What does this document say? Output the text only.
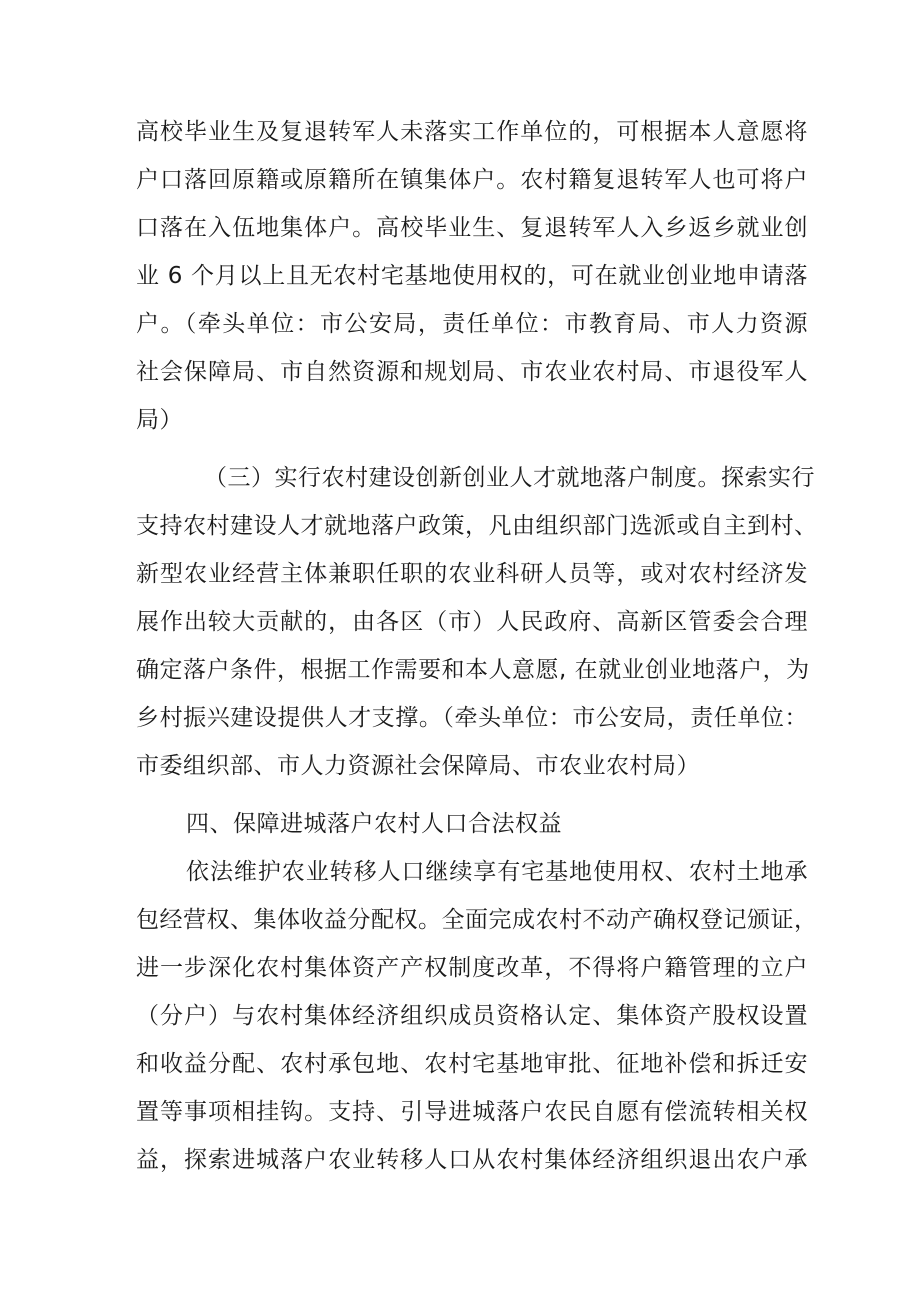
高校毕业生及复退转军人未落实工作单位的，可根据本人意愿将
户口落回原籍或原籍所在镇集体户。农村籍复退转军人也可将户
口落在入伍地集体户。高校毕业生、复退转军人入乡返乡就业创
业 6 个月以上且无农村宅基地使用权的，可在就业创业地申请落
户。（牵头单位：市公安局，责任单位：市教育局、市人力资源
社会保障局、市自然资源和规划局、市农业农村局、市退役军人
局）
（三）实行农村建设创新创业人才就地落户制度。探索实行
支持农村建设人才就地落户政策，凡由组织部门选派或自主到村、
新型农业经营主体兼职任职的农业科研人员等，或对农村经济发
展作出较大贡献的，由各区（市）人民政府、高新区管委会合理
确定落户条件，根据工作需要和本人意愿, 在就业创业地落户，为
乡村振兴建设提供人才支撑。（牵头单位：市公安局，责任单位：
市委组织部、市人力资源社会保障局、市农业农村局）
四、保障进城落户农村人口合法权益
依法维护农业转移人口继续享有宅基地使用权、农村土地承
包经营权、集体收益分配权。全面完成农村不动产确权登记颁证，
进一步深化农村集体资产产权制度改革，不得将户籍管理的立户
（分户）与农村集体经济组织成员资格认定、集体资产股权设置
和收益分配、农村承包地、农村宅基地审批、征地补偿和拆迁安
置等事项相挂钩。支持、引导进城落户农民自愿有偿流转相关权
益，探索进城落户农业转移人口从农村集体经济组织退出农户承
